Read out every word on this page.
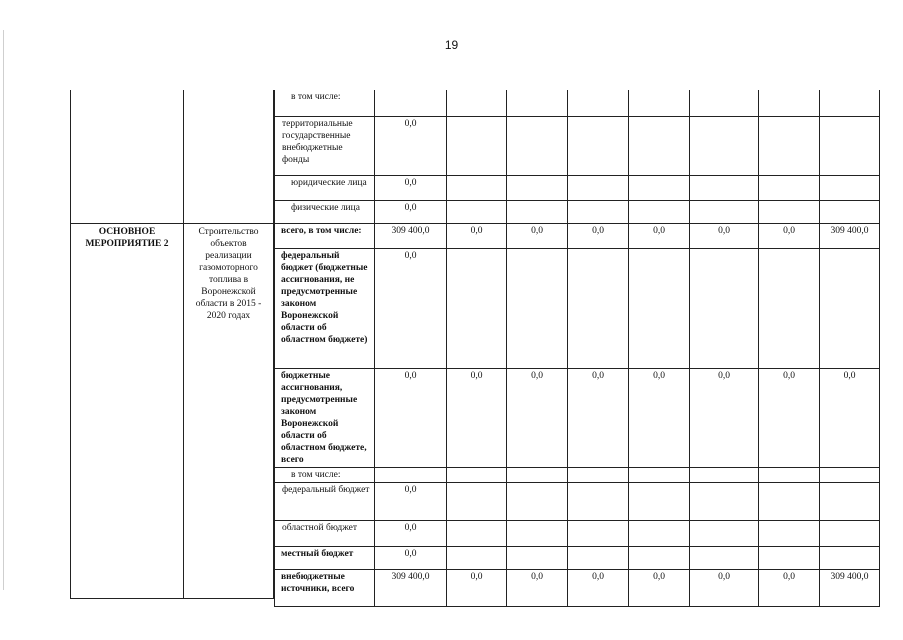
19

ОСНОВНОЕ МЕРОПРИЯТИЕ 2	Строительство объектов реализации газомоторного топлива в Воронежской области в 2015 - 2020 годах
в том числе:								
территориальные государственные внебюджетные фонды	0,0							
юридические лица	0,0							
физические лица	0,0							
всего, в том числе:	309 400,0	0,0	0,0	0,0	0,0	0,0	0,0	309 400,0
федеральный бюджет (бюджетные ассигнования, не предусмотренные законом Воронежской области об областном бюджете)	0,0							
бюджетные ассигнования, предусмотренные законом Воронежской области об областном бюджете, всего	0,0	0,0	0,0	0,0	0,0	0,0	0,0	0,0
в том числе:								
федеральный бюджет	0,0							
областной бюджет	0,0							
местный бюджет	0,0							
внебюджетные источники, всего	309 400,0	0,0	0,0	0,0	0,0	0,0	0,0	309 400,0
